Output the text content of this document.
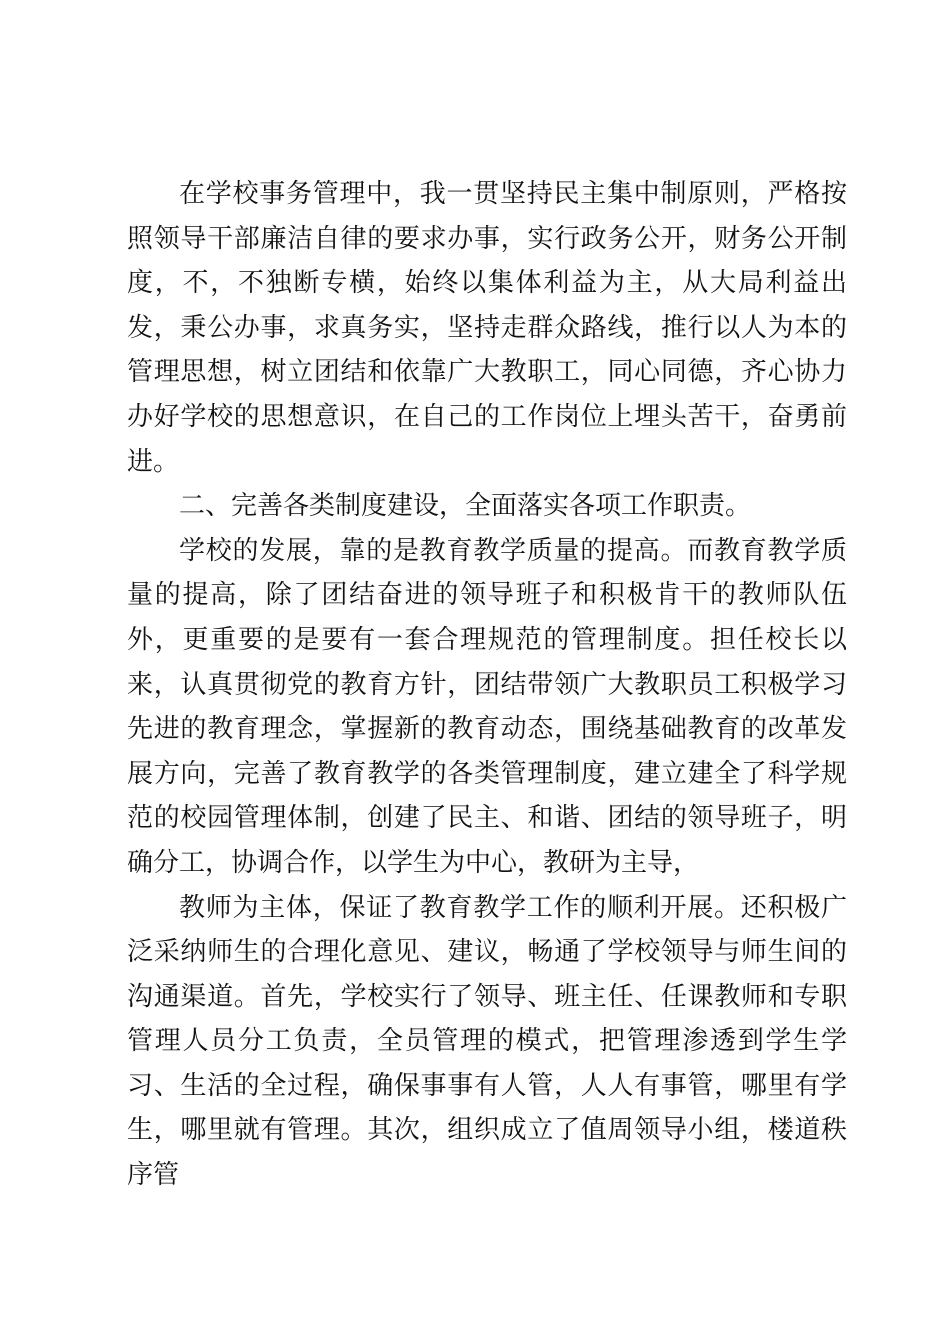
在学校事务管理中，我一贯坚持民主集中制原则，严格按照领导干部廉洁自律的要求办事，实行政务公开，财务公开制度，不，不独断专横，始终以集体利益为主，从大局利益出发，秉公办事，求真务实，坚持走群众路线，推行以人为本的管理思想，树立团结和依靠广大教职工，同心同德，齐心协力办好学校的思想意识，在自己的工作岗位上埋头苦干，奋勇前进。

二、完善各类制度建设，全面落实各项工作职责。

学校的发展，靠的是教育教学质量的提高。而教育教学质量的提高，除了团结奋进的领导班子和积极肯干的教师队伍外，更重要的是要有一套合理规范的管理制度。担任校长以来，认真贯彻党的教育方针，团结带领广大教职员工积极学习先进的教育理念，掌握新的教育动态，围绕基础教育的改革发展方向，完善了教育教学的各类管理制度，建立建全了科学规范的校园管理体制，创建了民主、和谐、团结的领导班子，明确分工，协调合作，以学生为中心，教研为主导，

教师为主体，保证了教育教学工作的顺利开展。还积极广泛采纳师生的合理化意见、建议，畅通了学校领导与师生间的沟通渠道。首先，学校实行了领导、班主任、任课教师和专职管理人员分工负责，全员管理的模式，把管理渗透到学生学习、生活的全过程，确保事事有人管，人人有事管，哪里有学生，哪里就有管理。其次，组织成立了值周领导小组，楼道秩序管
